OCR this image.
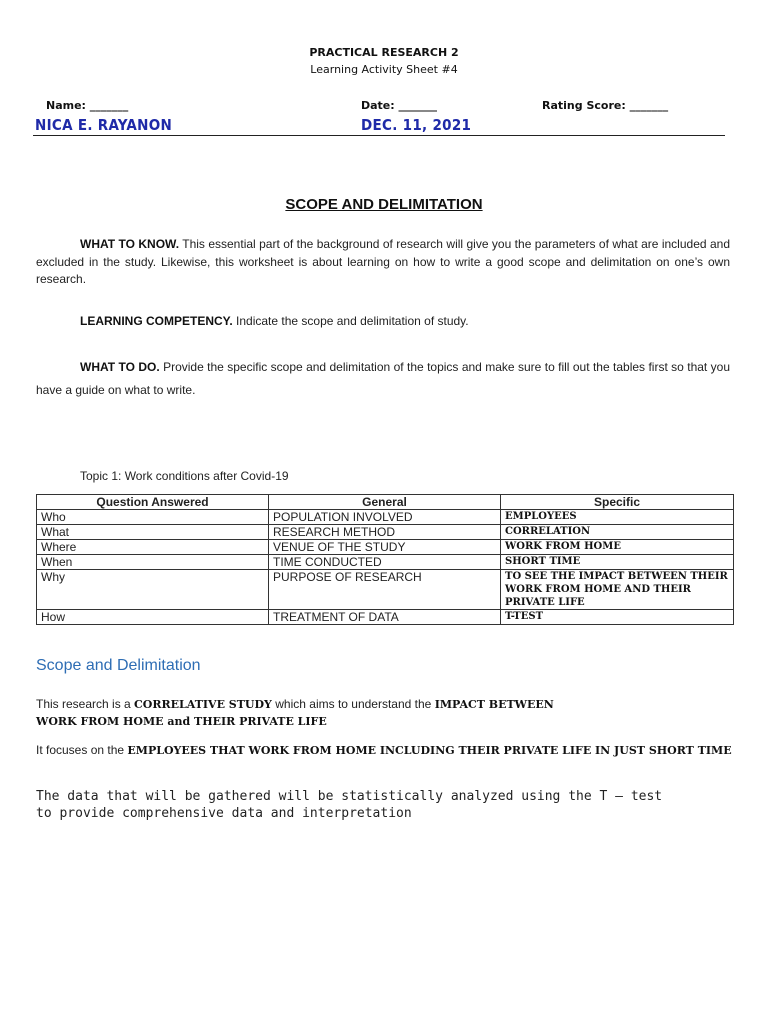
PRACTICAL RESEARCH 2
Learning Activity Sheet #4
Name: _______	Date: _______	Rating Score: _______
NICA E. RAYANON	DEC. 11, 2021
SCOPE AND DELIMITATION
WHAT TO KNOW. This essential part of the background of research will give you the parameters of what are included and excluded in the study. Likewise, this worksheet is about learning on how to write a good scope and delimitation on one’s own research.
LEARNING COMPETENCY. Indicate the scope and delimitation of study.
WHAT TO DO. Provide the specific scope and delimitation of the topics and make sure to fill out the tables first so that you have a guide on what to write.
Topic 1: Work conditions after Covid-19
Question Answered	General	Specific
Who	POPULATION INVOLVED	EMPLOYEES
What	RESEARCH METHOD	CORRELATION
Where	VENUE OF THE STUDY	WORK FROM HOME
When	TIME CONDUCTED	SHORT TIME
Why	PURPOSE OF RESEARCH	TO SEE THE IMPACT BETWEEN THEIR WORK FROM HOME AND THEIR PRIVATE LIFE
How	TREATMENT OF DATA	T-TEST
Scope and Delimitation
This research is a CORRELATIVE STUDY which aims to understand the IMPACT BETWEEN
WORK FROM HOME and THEIR PRIVATE LIFE
It focuses on the EMPLOYEES THAT WORK FROM HOME INCLUDING THEIR PRIVATE LIFE IN JUST SHORT TIME
The data that will be gathered will be statistically analyzed using the T – test to provide comprehensive data and interpretation
